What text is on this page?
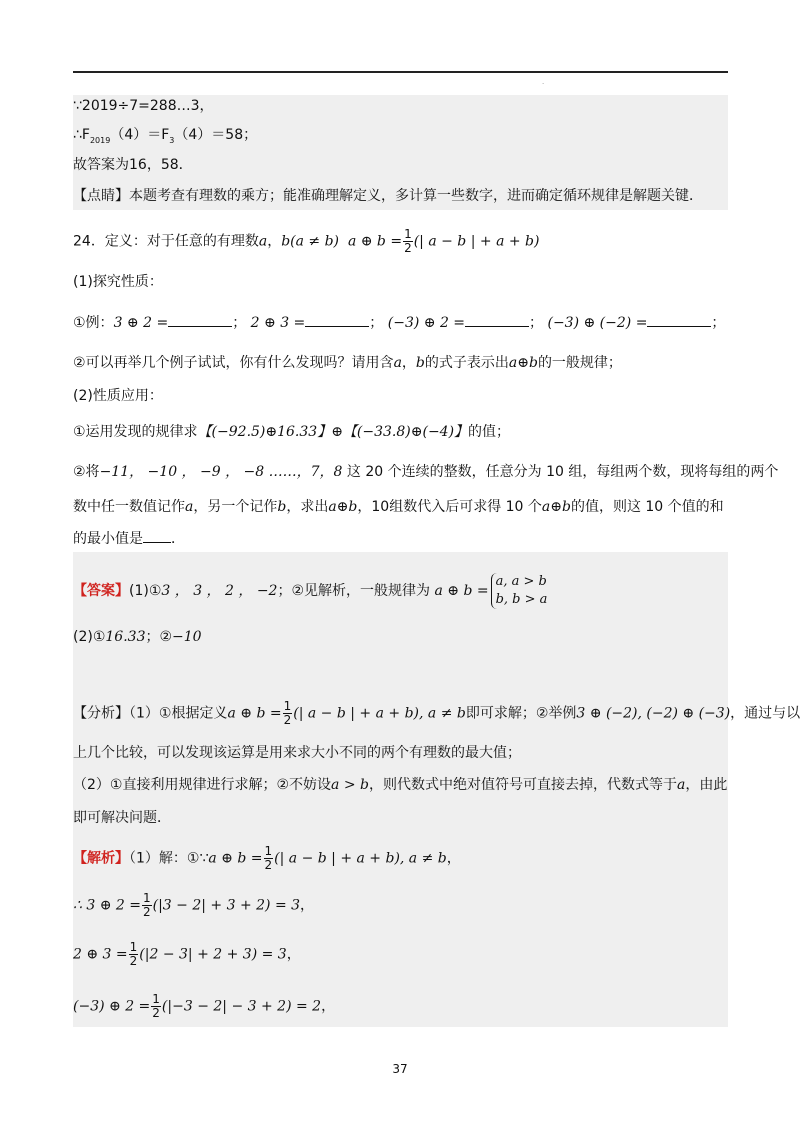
.
∵2019÷7=288…3，
$\therefore F_{2019}(4)=F_3(4)=58$；
故答案为16，58．
【点睛】本题考查有理数的乘方；能准确理解定义，多计算一些数字，进而确定循环规律是解题关键．
24．定义：对于任意的有理数a，b(a ≠ b) a ⊕ $b = \frac{1}{2}$ (| a − b | + a + b)
(1)探究性质：
①例：3 ⊕ 2 =	； 2 ⊕ 3 =	； (−3) ⊕ 2 =	； (−3) ⊕ (−2) =	；
②可以再举几个例子试试，你有什么发现吗？请用含a，b的式子表示出a⊕b的一般规律；
(2)性质应用：
①运用发现的规律求【(−92.5)⊕16.33】⊕【(−33.8)⊕(−4)】的值；
②将−11， −10 ， −9 ， −8 ……，7，8 这 20 个连续的整数，任意分为 10 组，每组两个数，现将每组的两个
数中任一数值记作a，另一个记作b，求出a⊕b，10组数代入后可求得 10 个a⊕b的值，则这 10 个值的和
的最小值是 ．
【答案】(1)①3 ， 3 ， 2 ， −2；②见解析，一般规律为 a ⊕ b =
a, a > b
b, b > a
(2)①16.33；②−10
【分析】（1）①根据定义a ⊕ $b = \frac{1}{2}$ (| a − b | + a + b), a ≠ b即可求解；②举例3 ⊕ (−2), (−2) ⊕ (−3)，通过与以
上几个比较，可以发现该运算是用来求大小不同的两个有理数的最大值；
（2）①直接利用规律进行求解；②不妨设a > b，则代数式中绝对值符号可直接去掉，代数式等于a，由此
即可解决问题．
【解析】（1）解：①∵a ⊕ $b = \frac{1}{2}$ (| a − b | + a + b), a ≠ b，
∴ 3 ⊕ $2 = \frac{1}{2} (|3 - 2| + 3 + 2) = 3$，
2 ⊕ $3 = \frac{1}{2} (|2 - 3| + 2 + 3) = 3$，
(−3) ⊕ $2 = \frac{1}{2} (|-3 - 2| - 3 + 2) = 2$，
37
